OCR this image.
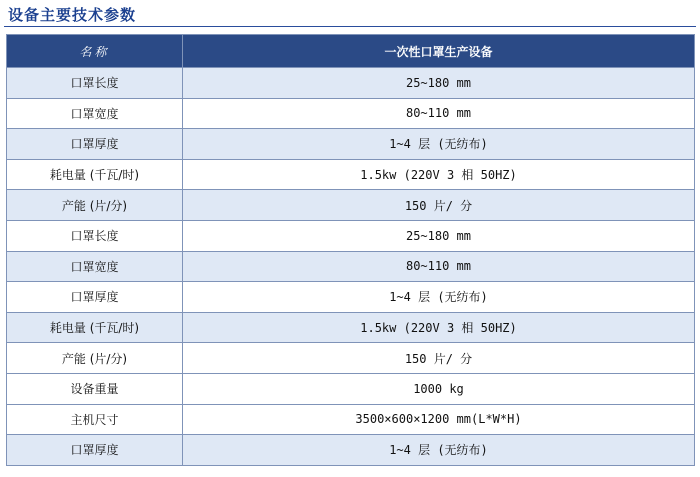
设备主要技术参数
名称	一次性口罩生产设备
口罩长度	25~180 mm
口罩宽度	80~110 mm
口罩厚度	1~4 层 (无纺布)
耗电量 (千瓦/时)	1.5kw (220V 3 相 50HZ)
产能 (片/分)	150 片/ 分
口罩长度	25~180 mm
口罩宽度	80~110 mm
口罩厚度	1~4 层 (无纺布)
耗电量 (千瓦/时)	1.5kw (220V 3 相 50HZ)
产能 (片/分)	150 片/ 分
设备重量	1000 kg
主机尺寸	3500×600×1200 mm(L*W*H)
口罩厚度	1~4 层 (无纺布)
